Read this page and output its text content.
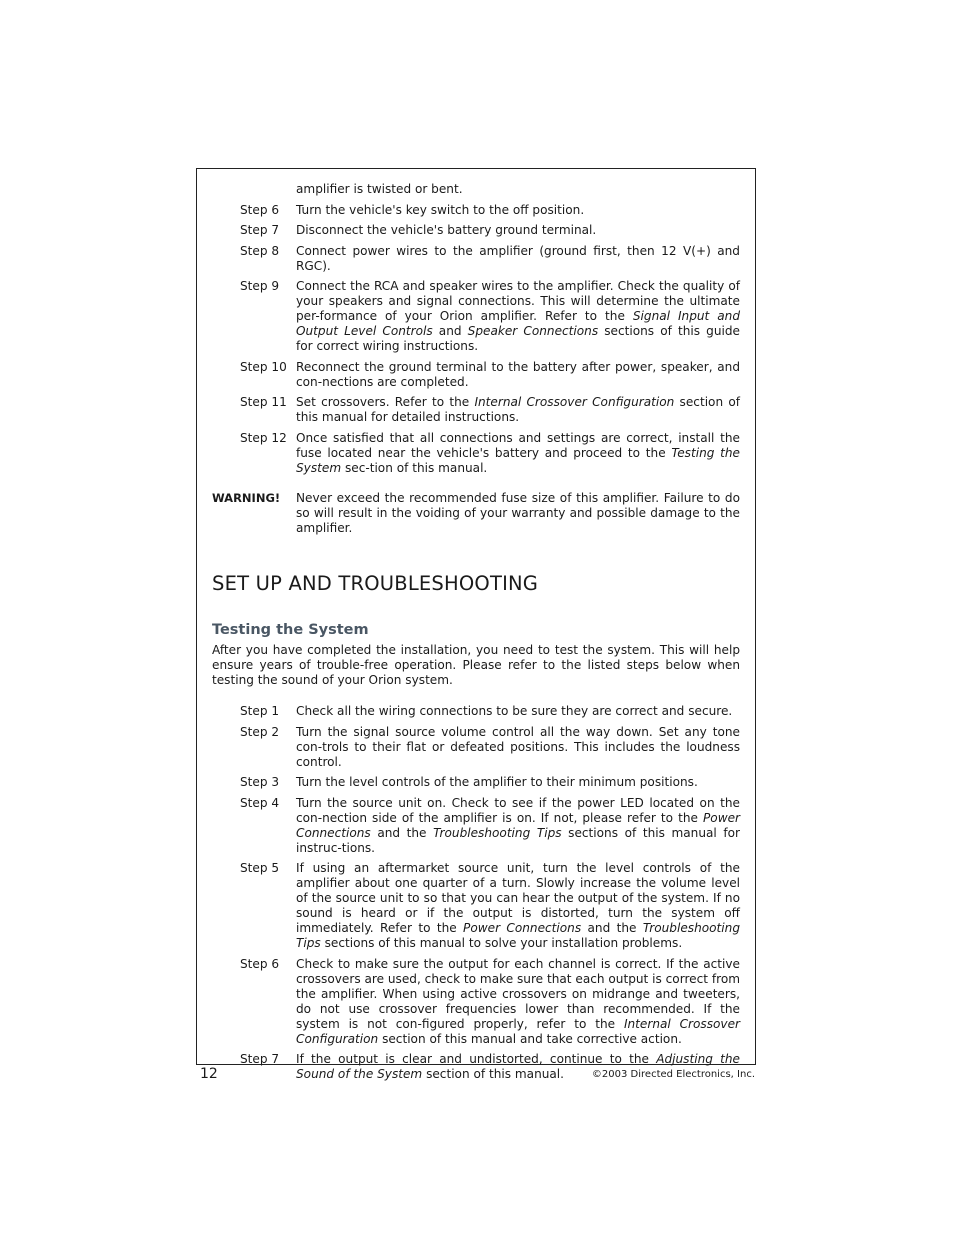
amplifier is twisted or bent.
Step 6	Turn the vehicle's key switch to the off position.
Step 7	Disconnect the vehicle's battery ground terminal.
Step 8	Connect power wires to the amplifier (ground first, then 12 V(+) and RGC).
Step 9	Connect the RCA and speaker wires to the amplifier. Check the quality of your speakers and signal connections. This will determine the ultimate per-formance of your Orion amplifier. Refer to the Signal Input and Output Level Controls and Speaker Connections sections of this guide for correct wiring instructions.
Step 10 Reconnect the ground terminal to the battery after power, speaker, and con-nections are completed.
Step 11 Set crossovers. Refer to the Internal Crossover Configuration section of this manual for detailed instructions.
Step 12 Once satisfied that all connections and settings are correct, install the fuse located near the vehicle's battery and proceed to the Testing the System sec-tion of this manual.
WARNING!	Never exceed the recommended fuse size of this amplifier. Failure to do so will result in the voiding of your warranty and possible damage to the amplifier.
SET UP AND TROUBLESHOOTING
Testing the System

After you have completed the installation, you need to test the system. This will help ensure years of trouble-free operation. Please refer to the listed steps below when testing the sound of your Orion system.

Step 1	Check all the wiring connections to be sure they are correct and secure.
Step 2	Turn the signal source volume control all the way down. Set any tone con-trols to their flat or defeated positions. This includes the loudness control.
Step 3	Turn the level controls of the amplifier to their minimum positions.
Step 4	Turn the source unit on. Check to see if the power LED located on the con-nection side of the amplifier is on. If not, please refer to the Power Connections and the Troubleshooting Tips sections of this manual for instruc-tions.
Step 5	If using an aftermarket source unit, turn the level controls of the amplifier about one quarter of a turn. Slowly increase the volume level of the source unit to so that you can hear the output of the system. If no sound is heard or if the output is distorted, turn the system off immediately. Refer to the Power Connections and the Troubleshooting Tips sections of this manual to solve your installation problems.
Step 6	Check to make sure the output for each channel is correct. If the active crossovers are used, check to make sure that each output is correct from the amplifier. When using active crossovers on midrange and tweeters, do not use crossover frequencies lower than recommended. If the system is not con-figured properly, refer to the Internal Crossover Configuration section of this manual and take corrective action.
Step 7	If the output is clear and undistorted, continue to the Adjusting the Sound of the System section of this manual.
12	©2003 Directed Electronics, Inc.
